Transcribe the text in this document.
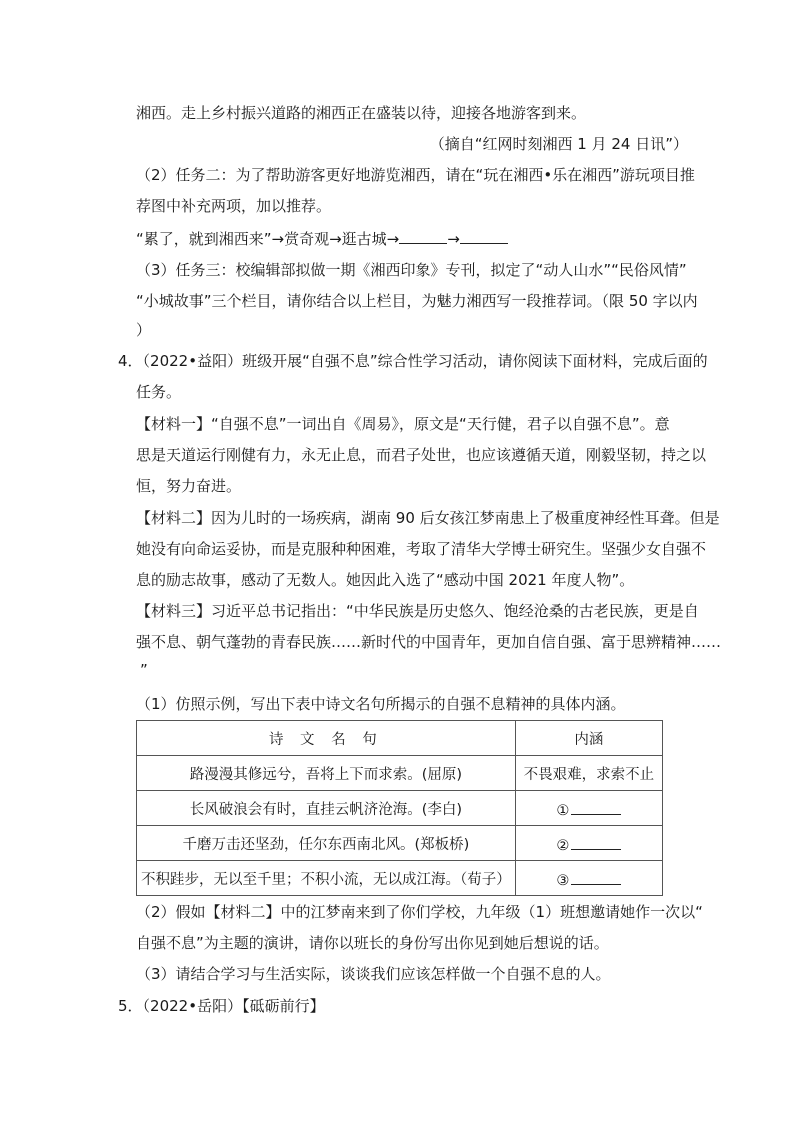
湘西。走上乡村振兴道路的湘西正在盛装以待，迎接各地游客到来。
（摘自“红网时刻湘西 1 月 24 日讯”）
（2）任务二：为了帮助游客更好地游览湘西，请在“玩在湘西•乐在湘西”游玩项目推
荐图中补充两项，加以推荐。
“累了，就到湘西来”→赏奇观→逛古城→	→
（3）任务三：校编辑部拟做一期《湘西印象》专刊，拟定了“动人山水”“民俗风情”
“小城故事”三个栏目，请你结合以上栏目，为魅力湘西写一段推荐词。（限 50 字以内
）
4．（2022•益阳）班级开展“自强不息”综合性学习活动，请你阅读下面材料，完成后面的
任务。
【材料一】“自强不息”一词出自《周易》，原文是“天行健，君子以自强不息”。意
思是天道运行刚健有力，永无止息，而君子处世，也应该遵循天道，刚毅坚韧，持之以
恒，努力奋进。
【材料二】因为儿时的一场疾病，湖南 90 后女孩江梦南患上了极重度神经性耳聋。但是
她没有向命运妥协，而是克服种种困难，考取了清华大学博士研究生。坚强少女自强不
息的励志故事，感动了无数人。她因此入选了“感动中国 2021 年度人物”。
【材料三】习近平总书记指出：“中华民族是历史悠久、饱经沧桑的古老民族，更是自
强不息、朝气蓬勃的青春民族……新时代的中国青年，更加自信自强、富于思辨精神……
”
（1）仿照示例，写出下表中诗文名句所揭示的自强不息精神的具体内涵。
诗 文 名 句	内涵
路漫漫其修远兮，吾将上下而求索。(屈原)	不畏艰难，求索不止
长风破浪会有时，直挂云帆济沧海。(李白)	①
千磨万击还坚劲，任尔东西南北风。(郑板桥)	②
不积跬步，无以至千里；不积小流，无以成江海。（荀子）	③
（2）假如【材料二】中的江梦南来到了你们学校，九年级（1）班想邀请她作一次以“
自强不息”为主题的演讲，请你以班长的身份写出你见到她后想说的话。
（3）请结合学习与生活实际，谈谈我们应该怎样做一个自强不息的人。
5．（2022•岳阳）【砥砺前行】
